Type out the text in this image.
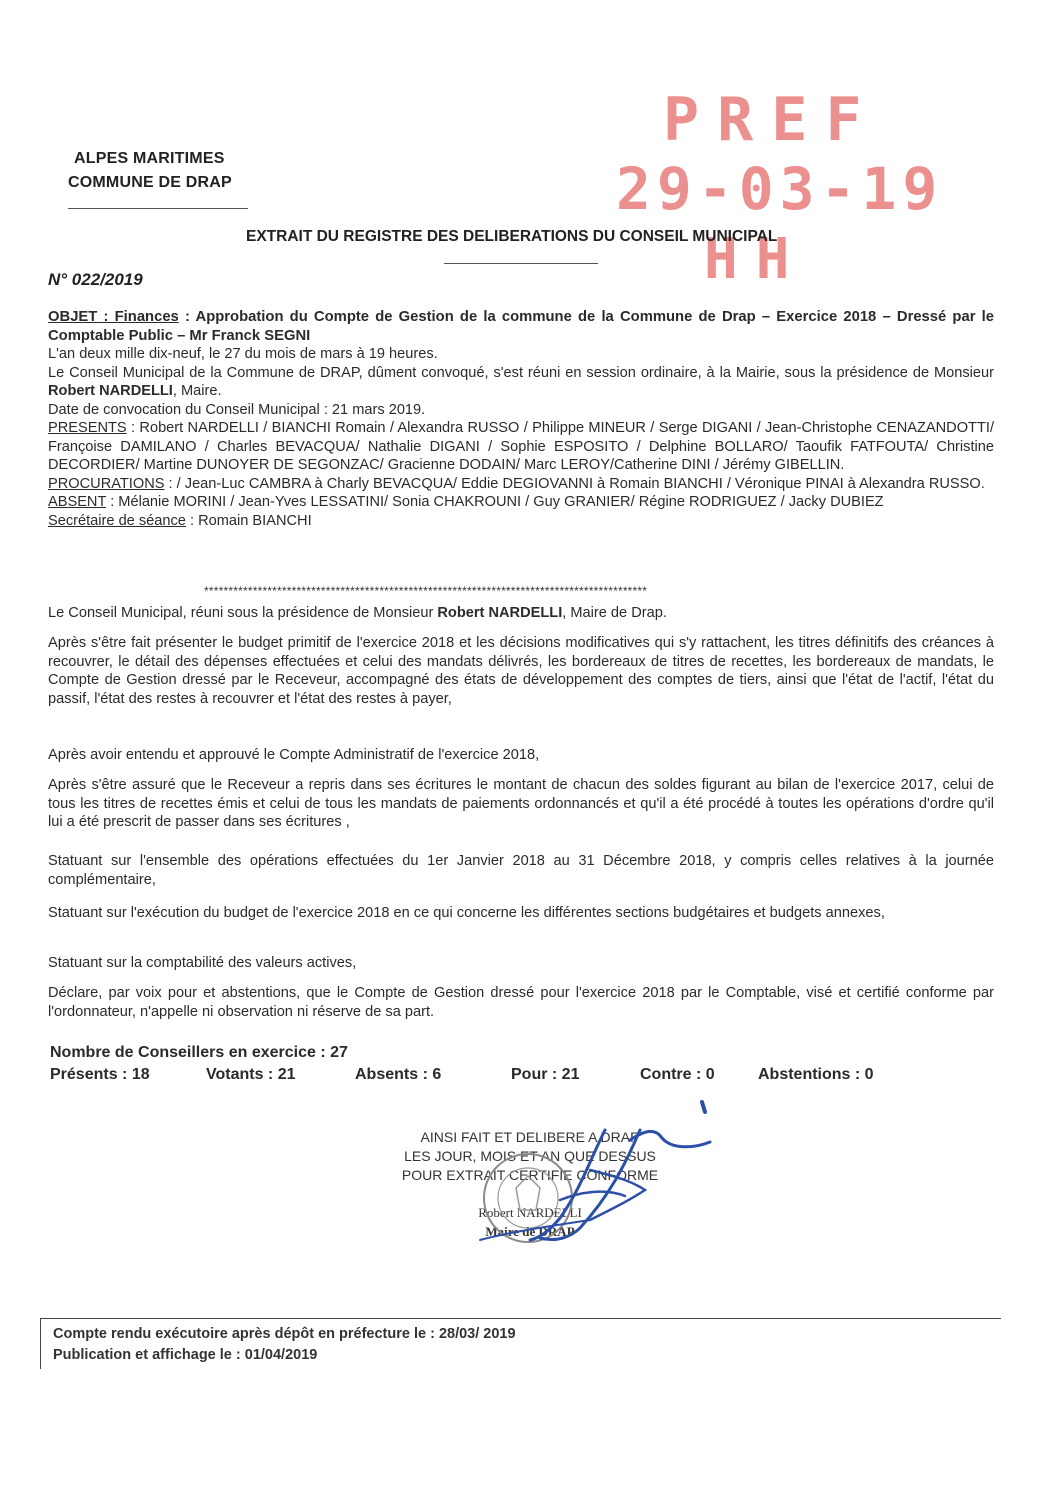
ALPES MARITIMES
COMMUNE DE DRAP
PREF
29-03-19
HH
EXTRAIT DU REGISTRE DES DELIBERATIONS DU CONSEIL MUNICIPAL
N° 022/2019
OBJET : Finances : Approbation du Compte de Gestion de la commune de la Commune de Drap – Exercice 2018 – Dressé par le Comptable Public – Mr Franck SEGNI
L'an deux mille dix-neuf, le 27 du mois de mars à 19 heures.
Le Conseil Municipal de la Commune de DRAP, dûment convoqué, s'est réuni en session ordinaire, à la Mairie, sous la présidence de Monsieur Robert NARDELLI, Maire.
Date de convocation du Conseil Municipal : 21 mars 2019.
PRESENTS : Robert NARDELLI / BIANCHI Romain / Alexandra RUSSO / Philippe MINEUR / Serge DIGANI / Jean-Christophe CENAZANDOTTI/ Françoise DAMILANO / Charles BEVACQUA/ Nathalie DIGANI / Sophie ESPOSITO / Delphine BOLLARO/ Taoufik FATFOUTA/ Christine DECORDIER/ Martine DUNOYER DE SEGONZAC/ Gracienne DODAIN/ Marc LEROY/Catherine DINI / Jérémy GIBELLIN.
PROCURATIONS : / Jean-Luc CAMBRA à Charly BEVACQUA/ Eddie DEGIOVANNI à Romain BIANCHI / Véronique PINAI à Alexandra RUSSO.
ABSENT : Mélanie MORINI / Jean-Yves LESSATINI/ Sonia CHAKROUNI / Guy GRANIER/ Régine RODRIGUEZ / Jacky DUBIEZ
Secrétaire de séance : Romain BIANCHI
*******************************************************************************************
Le Conseil Municipal, réuni sous la présidence de Monsieur Robert NARDELLI, Maire de Drap.
Après s'être fait présenter le budget primitif de l'exercice 2018 et les décisions modificatives qui s'y rattachent, les titres définitifs des créances à recouvrer, le détail des dépenses effectuées et celui des mandats délivrés, les bordereaux de titres de recettes, les bordereaux de mandats, le Compte de Gestion dressé par le Receveur, accompagné des états de développement des comptes de tiers, ainsi que l'état de l'actif, l'état du passif, l'état des restes à recouvrer et l'état des restes à payer,
Après avoir entendu et approuvé le Compte Administratif de l'exercice 2018,
Après s'être assuré que le Receveur a repris dans ses écritures le montant de chacun des soldes figurant au bilan de l'exercice 2017, celui de tous les titres de recettes émis et celui de tous les mandats de paiements ordonnancés et qu'il a été procédé à toutes les opérations d'ordre qu'il lui a été prescrit de passer dans ses écritures ,
Statuant sur l'ensemble des opérations effectuées du 1er Janvier 2018 au 31 Décembre 2018, y compris celles relatives à la journée complémentaire,
Statuant sur l'exécution du budget de l'exercice 2018 en ce qui concerne les différentes sections budgétaires et budgets annexes,
Statuant sur la comptabilité des valeurs actives,
Déclare, par voix pour et abstentions, que le Compte de Gestion dressé pour l'exercice 2018 par le Comptable, visé et certifié conforme par l'ordonnateur, n'appelle ni observation ni réserve de sa part.
Nombre de Conseillers en exercice : 27
Présents : 18	Votants : 21	Absents : 6	Pour : 21	Contre : 0	Abstentions : 0
AINSI FAIT ET DELIBERE A DRAP
LES JOUR, MOIS ET AN QUE DESSUS
POUR EXTRAIT CERTIFIE CONFORME
Robert NARDELLI
Maire de DRAP
Compte rendu exécutoire après dépôt en préfecture le : 28/03/ 2019
Publication et affichage le : 01/04/2019
